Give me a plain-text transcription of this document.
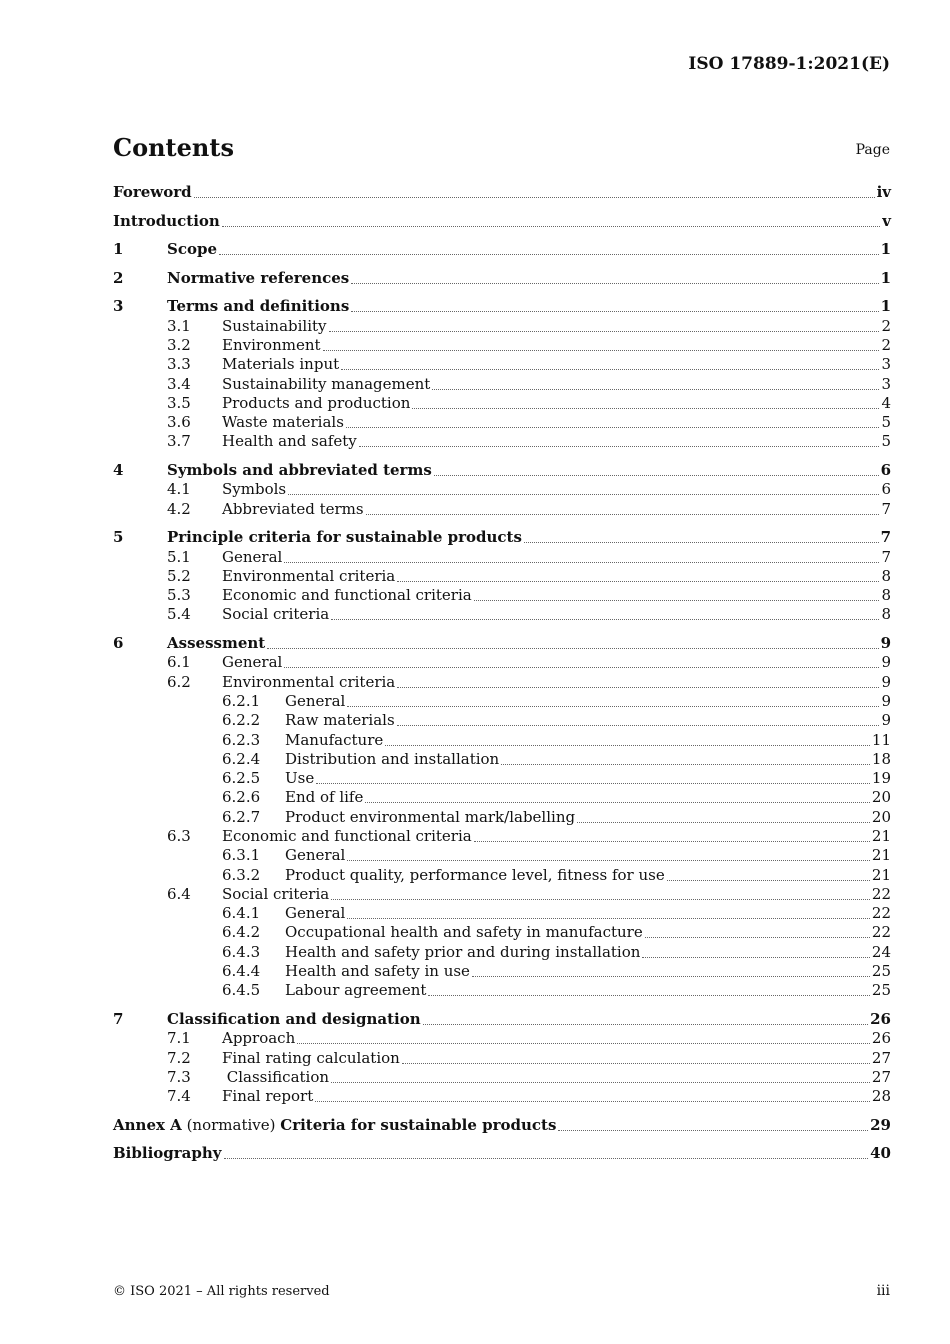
ISO 17889-1:2021(E)
Contents	Page
Foreword	iv
Introduction	v
1	Scope	1
2	Normative references	1
3	Terms and definitions	1
3.1 Sustainability	2
3.2 Environment	2
3.3 Materials input	3
3.4 Sustainability management	3
3.5 Products and production	4
3.6 Waste materials	5
3.7 Health and safety	5
4	Symbols and abbreviated terms	6
4.1 Symbols	6
4.2 Abbreviated terms	7
5	Principle criteria for sustainable products	7
5.1 General	7
5.2 Environmental criteria	8
5.3 Economic and functional criteria	8
5.4 Social criteria	8
6	Assessment	9
6.1 General	9
6.2 Environmental criteria	9
6.2.1 General	9
6.2.2 Raw materials	9
6.2.3 Manufacture	11
6.2.4 Distribution and installation	18
6.2.5 Use	19
6.2.6 End of life	20
6.2.7 Product environmental mark/labelling	20
6.3 Economic and functional criteria	21
6.3.1 General	21
6.3.2 Product quality, performance level, fitness for use	21
6.4 Social criteria	22
6.4.1 General	22
6.4.2 Occupational health and safety in manufacture	22
6.4.3 Health and safety prior and during installation	24
6.4.4 Health and safety in use	25
6.4.5 Labour agreement	25
7	Classification and designation	26
7.1 Approach	26
7.2 Final rating calculation	27
7.3 Classification	27
7.4 Final report	28
Annex A (normative) Criteria for sustainable products	29
Bibliography	40
© ISO 2021 – All rights reserved	iii
